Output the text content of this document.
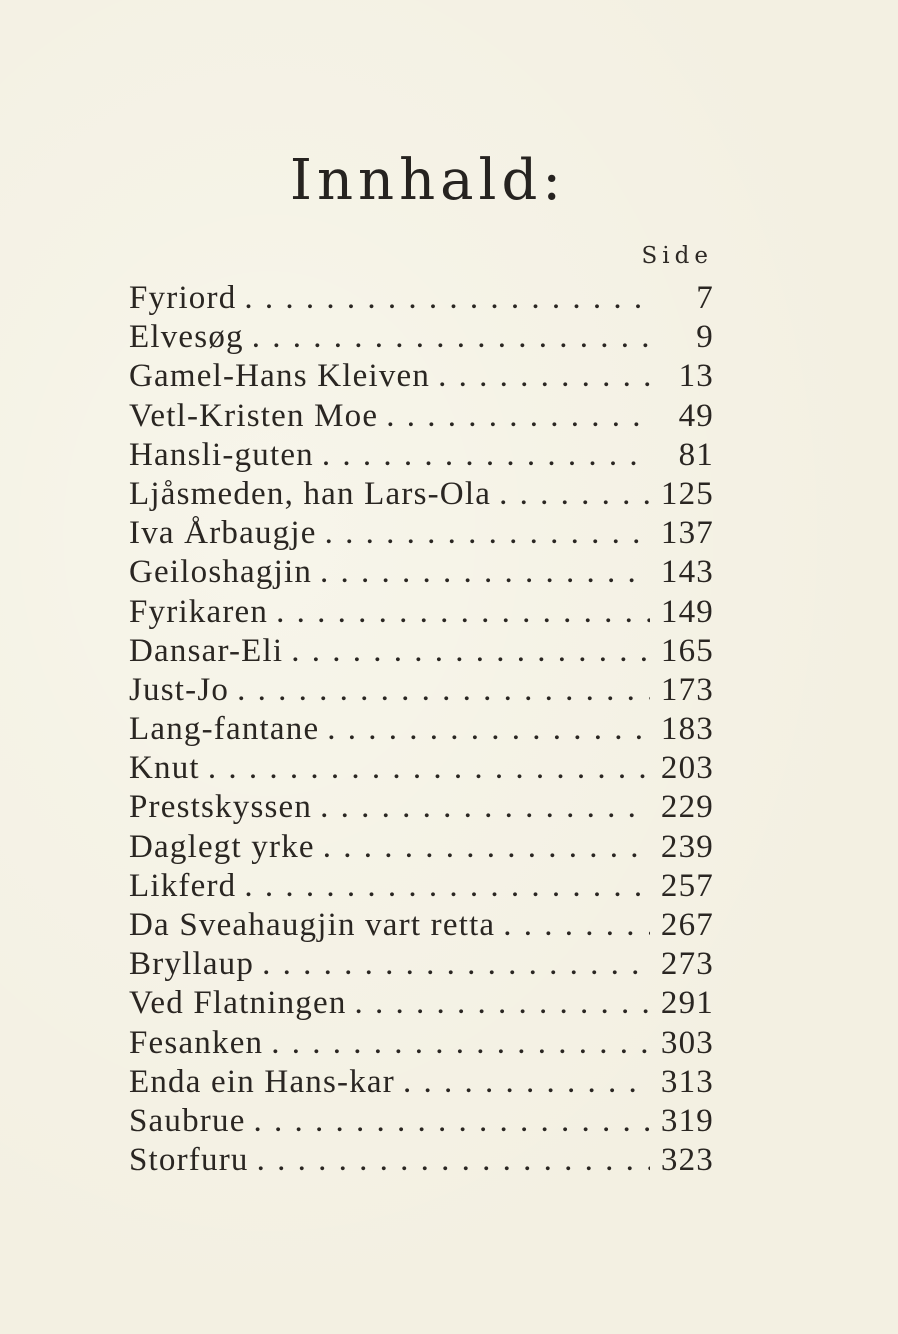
Innhald:
Side
Fyriord . . .	7
Elvesøg . . .	9
Gamel-Hans Kleiven . . .	13
Vetl-Kristen Moe . . .	49
Hansli-guten . . .	81
Ljåsmeden, han Lars-Ola . . .	125
Iva Årbaugje . . .	137
Geiloshagjin . . .	143
Fyrikaren . . .	149
Dansar-Eli . . .	165
Just-Jo . . .	173
Lang-fantane . . .	183
Knut . . .	203
Prestskyssen . . .	229
Daglegt yrke . . .	239
Likferd . . .	257
Da Sveahaugjin vart retta . . .	267
Bryllaup . . .	273
Ved Flatningen . . .	291
Fesanken . . .	303
Enda ein Hans-kar . . .	313
Saubrue . . .	319
Storfuru . . .	323
